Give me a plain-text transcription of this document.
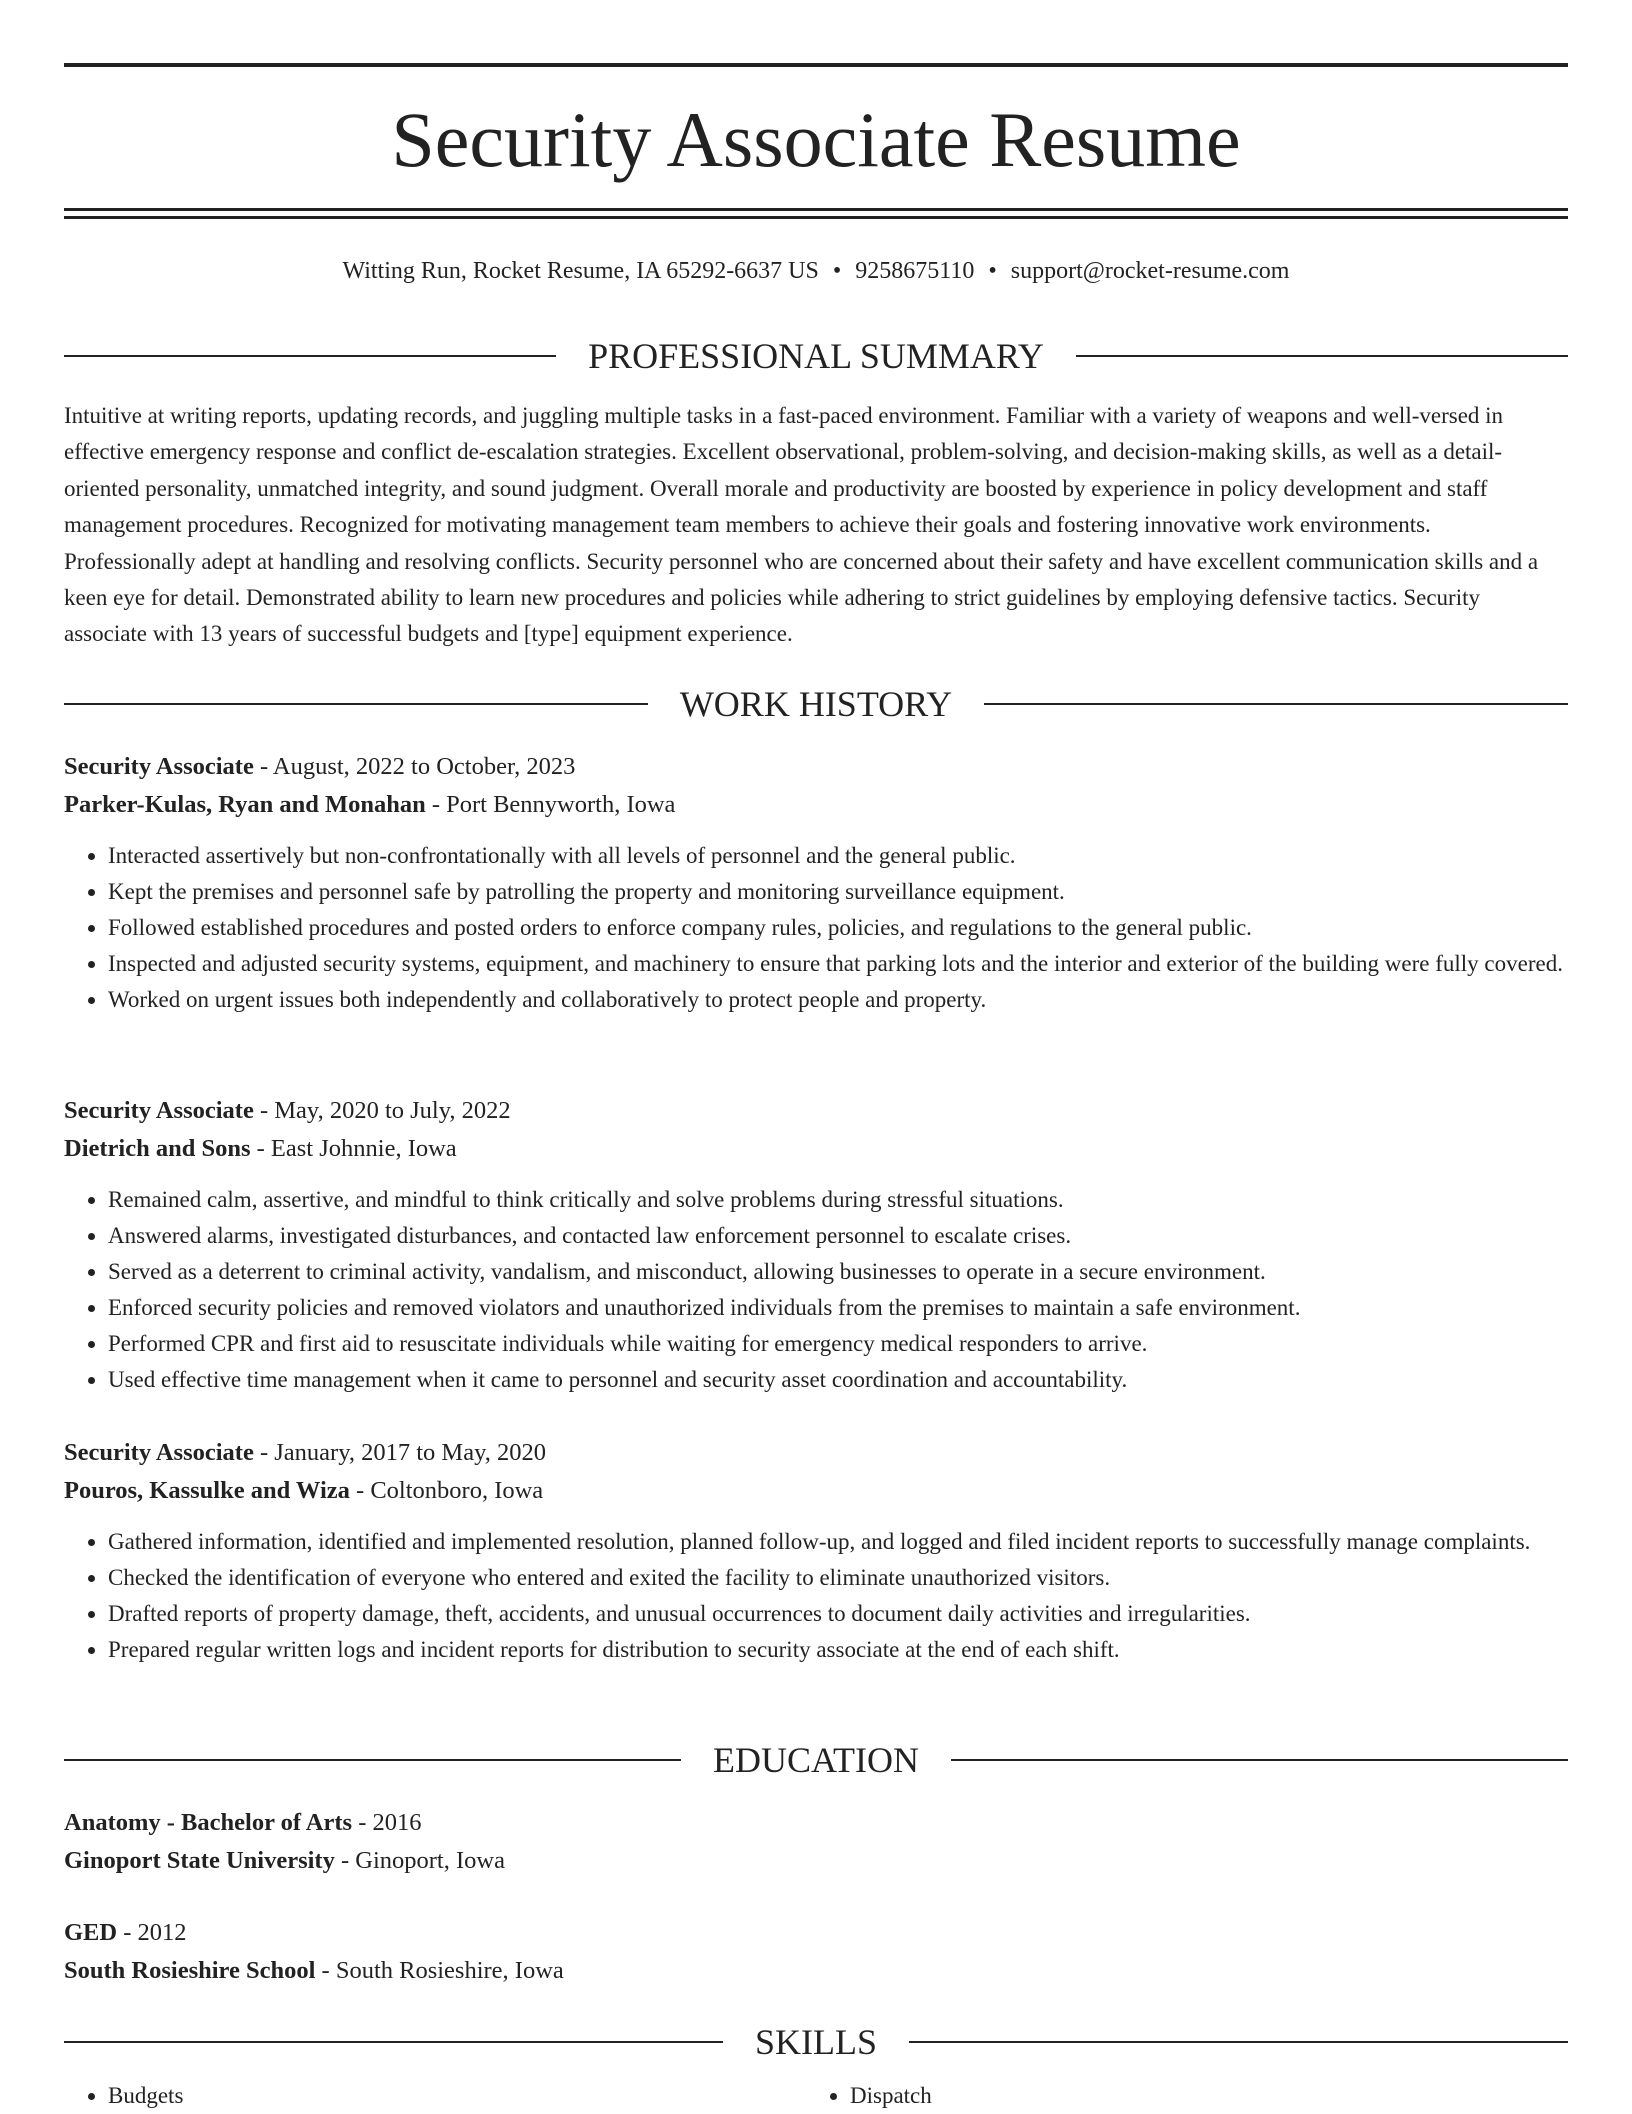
Security Associate Resume
Witting Run, Rocket Resume, IA 65292-6637 US • 9258675110 • support@rocket-resume.com
PROFESSIONAL SUMMARY

Intuitive at writing reports, updating records, and juggling multiple tasks in a fast-paced environment. Familiar with a variety of weapons and well-versed in effective emergency response and conflict de-escalation strategies. Excellent observational, problem-solving, and decision-making skills, as well as a detail-oriented personality, unmatched integrity, and sound judgment. Overall morale and productivity are boosted by experience in policy development and staff management procedures. Recognized for motivating management team members to achieve their goals and fostering innovative work environments. Professionally adept at handling and resolving conflicts. Security personnel who are concerned about their safety and have excellent communication skills and a keen eye for detail. Demonstrated ability to learn new procedures and policies while adhering to strict guidelines by employing defensive tactics. Security associate with 13 years of successful budgets and [type] equipment experience.

WORK HISTORY
Security Associate - August, 2022 to October, 2023
Parker-Kulas, Ryan and Monahan - Port Bennyworth, Iowa
• Interacted assertively but non-confrontationally with all levels of personnel and the general public.
• Kept the premises and personnel safe by patrolling the property and monitoring surveillance equipment.
• Followed established procedures and posted orders to enforce company rules, policies, and regulations to the general public.
• Inspected and adjusted security systems, equipment, and machinery to ensure that parking lots and the interior and exterior of the building were fully covered.
• Worked on urgent issues both independently and collaboratively to protect people and property.
Security Associate - May, 2020 to July, 2022
Dietrich and Sons - East Johnnie, Iowa
• Remained calm, assertive, and mindful to think critically and solve problems during stressful situations.
• Answered alarms, investigated disturbances, and contacted law enforcement personnel to escalate crises.
• Served as a deterrent to criminal activity, vandalism, and misconduct, allowing businesses to operate in a secure environment.
• Enforced security policies and removed violators and unauthorized individuals from the premises to maintain a safe environment.
• Performed CPR and first aid to resuscitate individuals while waiting for emergency medical responders to arrive.
• Used effective time management when it came to personnel and security asset coordination and accountability.
Security Associate - January, 2017 to May, 2020
Pouros, Kassulke and Wiza - Coltonboro, Iowa
• Gathered information, identified and implemented resolution, planned follow-up, and logged and filed incident reports to successfully manage complaints.
• Checked the identification of everyone who entered and exited the facility to eliminate unauthorized visitors.
• Drafted reports of property damage, theft, accidents, and unusual occurrences to document daily activities and irregularities.
• Prepared regular written logs and incident reports for distribution to security associate at the end of each shift.
EDUCATION
Anatomy - Bachelor of Arts - 2016
Ginoport State University - Ginoport, Iowa
GED - 2012
South Rosieshire School - South Rosieshire, Iowa
SKILLS
• Budgets
•	Dispatch
